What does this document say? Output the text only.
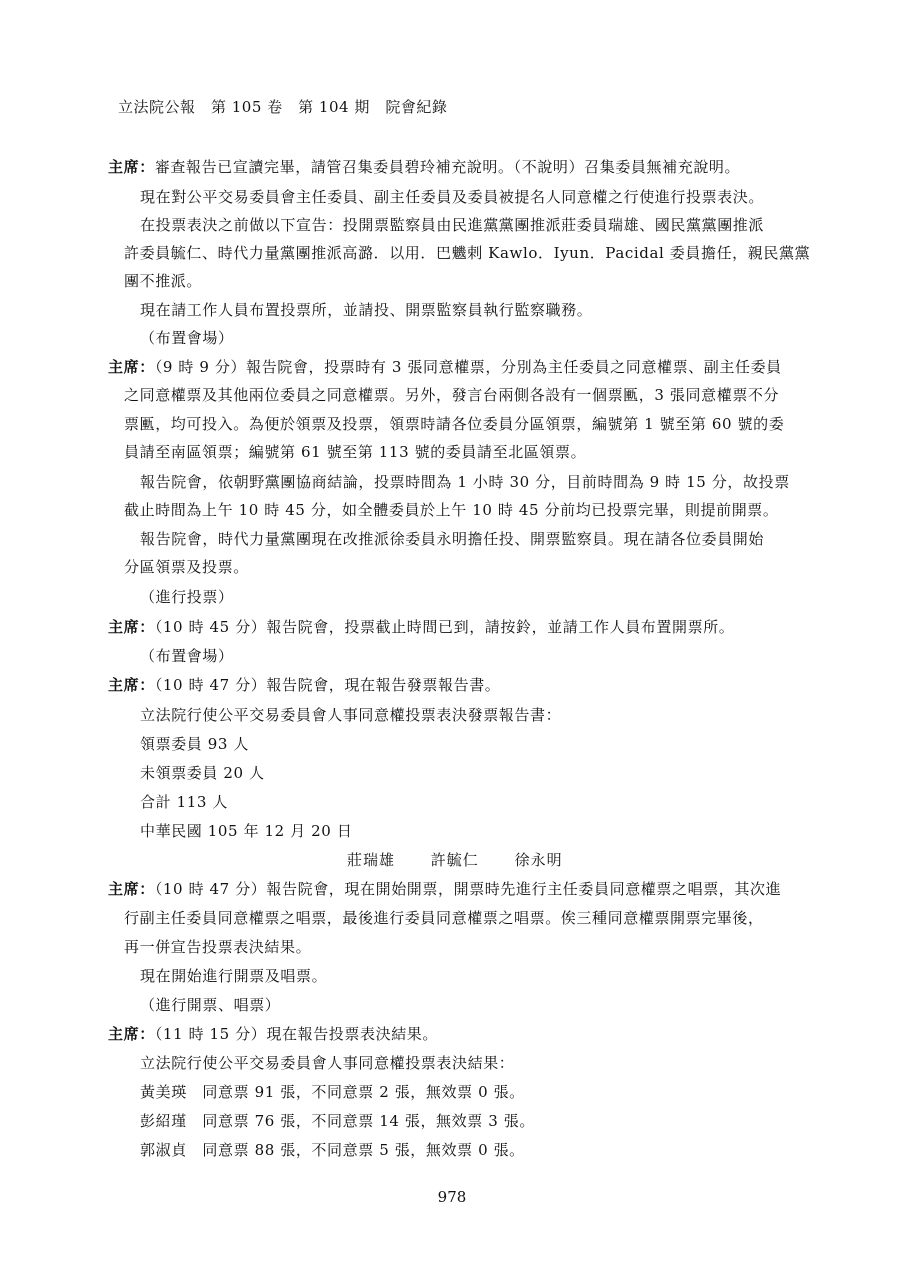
立法院公報　第 105 卷　第 104 期　院會紀錄
主席：審查報告已宣讀完畢，請管召集委員碧玲補充說明。（不說明）召集委員無補充說明。
現在對公平交易委員會主任委員、副主任委員及委員被提名人同意權之行使進行投票表決。
在投票表決之前做以下宣告：投開票監察員由民進黨黨團推派莊委員瑞雄、國民黨黨團推派
許委員毓仁、時代力量黨團推派高潞．以用．巴魕剌 Kawlo．Iyun．Pacidal 委員擔任，親民黨黨
團不推派。
現在請工作人員布置投票所，並請投、開票監察員執行監察職務。
（布置會場）
主席：（9 時 9 分）報告院會，投票時有 3 張同意權票，分別為主任委員之同意權票、副主任委員
之同意權票及其他兩位委員之同意權票。另外，發言台兩側各設有一個票匭，3 張同意權票不分
票匭，均可投入。為便於領票及投票，領票時請各位委員分區領票，編號第 1 號至第 60 號的委
員請至南區領票；編號第 61 號至第 113 號的委員請至北區領票。
報告院會，依朝野黨團協商結論，投票時間為 1 小時 30 分，目前時間為 9 時 15 分，故投票
截止時間為上午 10 時 45 分，如全體委員於上午 10 時 45 分前均已投票完畢，則提前開票。
報告院會，時代力量黨團現在改推派徐委員永明擔任投、開票監察員。現在請各位委員開始
分區領票及投票。
（進行投票）
主席：（10 時 45 分）報告院會，投票截止時間已到，請按鈴，並請工作人員布置開票所。
（布置會場）
主席：（10 時 47 分）報告院會，現在報告發票報告書。
立法院行使公平交易委員會人事同意權投票表決發票報告書：
領票委員 93 人
未領票委員 20 人
合計 113 人
中華民國 105 年 12 月 20 日
莊瑞雄 許毓仁 徐永明
主席：（10 時 47 分）報告院會，現在開始開票，開票時先進行主任委員同意權票之唱票，其次進
行副主任委員同意權票之唱票，最後進行委員同意權票之唱票。俟三種同意權票開票完畢後，
再一併宣告投票表決結果。
現在開始進行開票及唱票。
（進行開票、唱票）
主席：（11 時 15 分）現在報告投票表決結果。
立法院行使公平交易委員會人事同意權投票表決結果：
黃美瑛　同意票 91 張，不同意票 2 張，無效票 0 張。
彭紹瑾　同意票 76 張，不同意票 14 張，無效票 3 張。
郭淑貞　同意票 88 張，不同意票 5 張，無效票 0 張。
978
